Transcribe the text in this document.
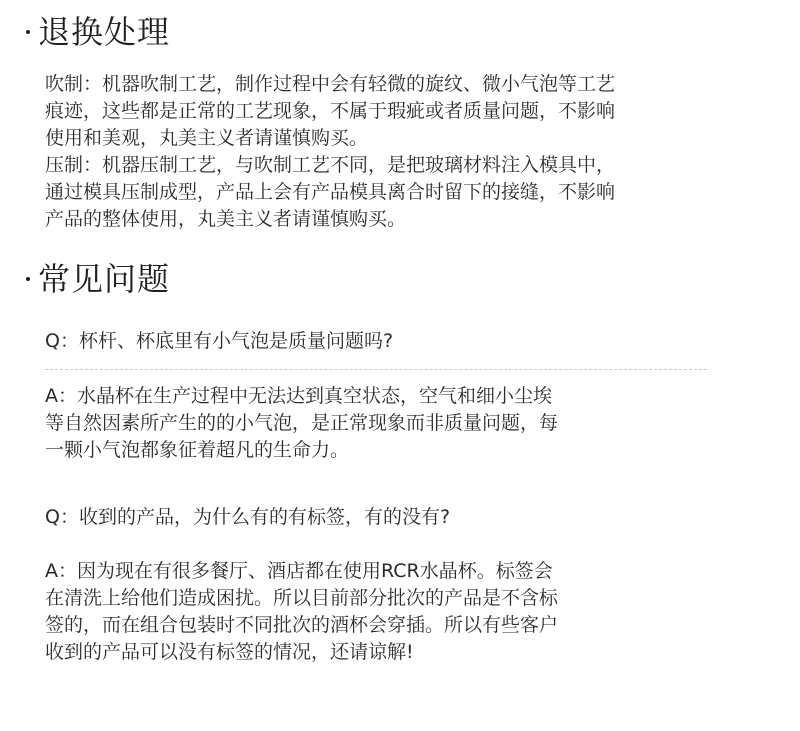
退换处理
吹制：机器吹制工艺，制作过程中会有轻微的旋纹、微小气泡等工艺
痕迹，这些都是正常的工艺现象，不属于瑕疵或者质量问题，不影响
使用和美观，丸美主义者请谨慎购买。
压制：机器压制工艺，与吹制工艺不同，是把玻璃材料注入模具中，
通过模具压制成型，产品上会有产品模具离合时留下的接缝，不影响
产品的整体使用，丸美主义者请谨慎购买。
常见问题
Q：杯杆、杯底里有小气泡是质量问题吗?
A：水晶杯在生产过程中无法达到真空状态，空气和细小尘埃
等自然因素所产生的的小气泡，是正常现象而非质量问题，每
一颗小气泡都象征着超凡的生命力。
Q：收到的产品，为什么有的有标签，有的没有?
A：因为现在有很多餐厅、酒店都在使用RCR水晶杯。标签会
在清洗上给他们造成困扰。所以目前部分批次的产品是不含标
签的，而在组合包装时不同批次的酒杯会穿插。所以有些客户
收到的产品可以没有标签的情况，还请谅解!
